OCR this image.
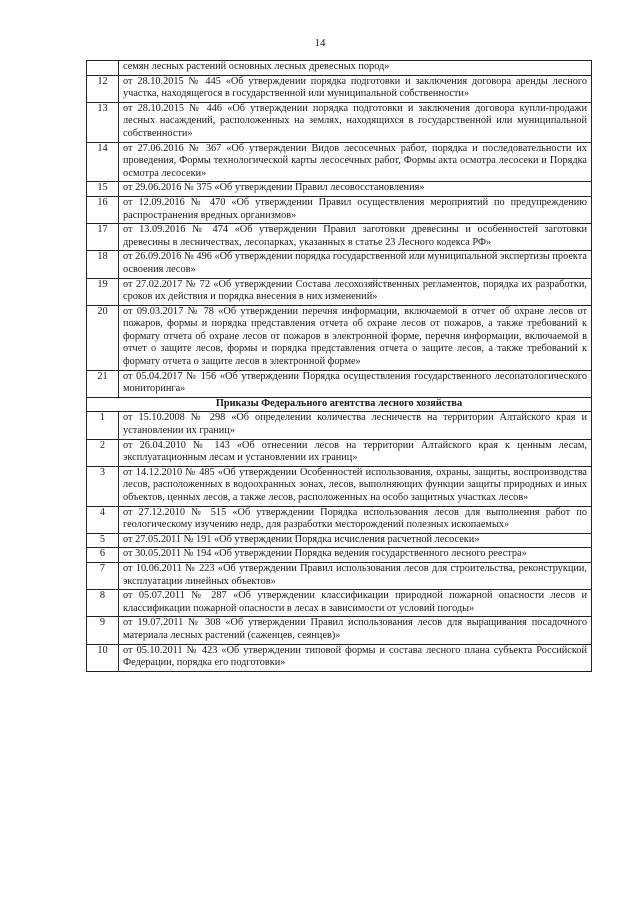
14
	семян лесных растений основных лесных древесных пород»
12	от 28.10.2015 № 445 «Об утверждении порядка подготовки и заключения договора аренды лесного участка, находящегося в государственной или муниципальной собственности»
13	от 28.10.2015 № 446 «Об утверждении порядка подготовки и заключения договора купли-продажи лесных насаждений, расположенных на землях, находящихся в государственной или муниципальной собственности»
14	от 27.06.2016 № 367 «Об утверждении Видов лесосечных работ, порядка и последовательности их проведения, Формы технологической карты лесосечных работ, Формы акта осмотра лесосеки и Порядка осмотра лесосеки»
15	от 29.06.2016 № 375 «Об утверждении Правил лесовосстановления»
16	от 12.09.2016 № 470 «Об утверждении Правил осуществления мероприятий по предупреждению распространения вредных организмов»
17	от 13.09.2016 № 474 «Об утверждении Правил заготовки древесины и особенностей заготовки древесины в лесничествах, лесопарках, указанных в статье 23 Лесного кодекса РФ»
18	от 26.09.2016 № 496 «Об утверждении порядка государственной или муниципальной экспертизы проекта освоения лесов»
19	от 27.02.2017 № 72 «Об утверждении Состава лесохозяйственных регламентов, порядка их разработки, сроков их действия и порядка внесения в них изменений»
20	от 09.03.2017 № 78 «Об утверждении перечня информации, включаемой в отчет об охране лесов от пожаров, формы и порядка представления отчета об охране лесов от пожаров, а также требований к формату отчета об охране лесов от пожаров в электронной форме, перечня информации, включаемой в отчет о защите лесов, формы и порядка представления отчета о защите лесов, а также требований к формату отчета о защите лесов в электронной форме»
21	от 05.04.2017 № 156 «Об утверждении Порядка осуществления государственного лесопатологического мониторинга»
Приказы Федерального агентства лесного хозяйства	
1	от 15.10.2008 № 298 «Об определении количества лесничеств на территории Алтайского края и установлении их границ»
2	от 26.04.2010 № 143 «Об отнесении лесов на территории Алтайского края к ценным лесам, эксплуатационным лесам и установлении их границ»
3	от 14.12.2010 № 485 «Об утверждении Особенностей использования, охраны, защиты, воспроизводства лесов, расположенных в водоохранных зонах, лесов, выполняющих функции защиты природных и иных объектов, ценных лесов, а также лесов, расположенных на особо защитных участках лесов»
4	от 27.12.2010 № 515 «Об утверждении Порядка использования лесов для выполнения работ по геологическому изучению недр, для разработки месторождений полезных ископаемых»
5	от 27.05.2011 № 191 «Об утверждении Порядка исчисления расчетной лесосеки»
6	от 30.05.2011 № 194 «Об утверждении Порядка ведения государственного лесного реестра»
7	от 10.06.2011 № 223 «Об утверждении Правил использования лесов для строительства, реконструкции, эксплуатации линейных объектов»
8	от 05.07.2011 № 287 «Об утверждении классификации природной пожарной опасности лесов и классификации пожарной опасности в лесах в зависимости от условий погоды»
9	от 19.07.2011 № 308 «Об утверждении Правил использования лесов для выращивания посадочного материала лесных растений (саженцев, сеянцев)»
10	от 05.10.2011 № 423 «Об утверждении типовой формы и состава лесного плана субъекта Российской Федерации, порядка его подготовки»
